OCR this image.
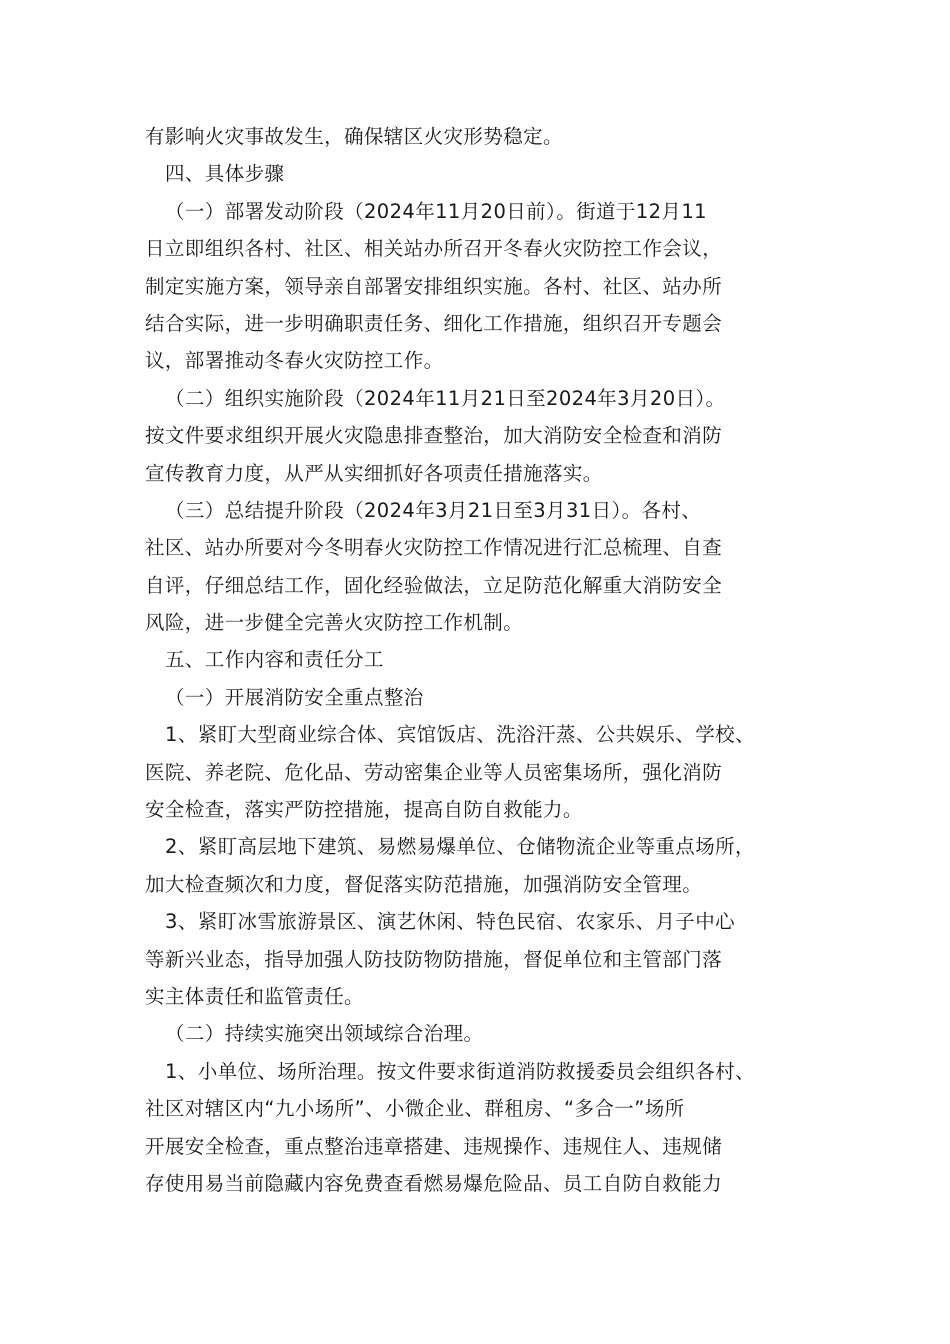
有影响火灾事故发生，确保辖区火灾形势稳定。
四、具体步骤
（一）部署发动阶段（2024年11月20日前）。街道于12月11
日立即组织各村、社区、相关站办所召开冬春火灾防控工作会议，
制定实施方案，领导亲自部署安排组织实施。各村、社区、站办所
结合实际，进一步明确职责任务、细化工作措施，组织召开专题会
议，部署推动冬春火灾防控工作。
（二）组织实施阶段（2024年11月21日至2024年3月20日）。
按文件要求组织开展火灾隐患排查整治，加大消防安全检查和消防
宣传教育力度，从严从实细抓好各项责任措施落实。
（三）总结提升阶段（2024年3月21日至3月31日）。各村、
社区、站办所要对今冬明春火灾防控工作情况进行汇总梳理、自查
自评，仔细总结工作，固化经验做法，立足防范化解重大消防安全
风险，进一步健全完善火灾防控工作机制。
五、工作内容和责任分工
（一）开展消防安全重点整治
1、紧盯大型商业综合体、宾馆饭店、洗浴汗蒸、公共娱乐、学校、
医院、养老院、危化品、劳动密集企业等人员密集场所，强化消防
安全检查，落实严防控措施，提高自防自救能力。
2、紧盯高层地下建筑、易燃易爆单位、仓储物流企业等重点场所，
加大检查频次和力度，督促落实防范措施，加强消防安全管理。
3、紧盯冰雪旅游景区、演艺休闲、特色民宿、农家乐、月子中心
等新兴业态，指导加强人防技防物防措施，督促单位和主管部门落
实主体责任和监管责任。
（二）持续实施突出领域综合治理。
1、小单位、场所治理。按文件要求街道消防救援委员会组织各村、
社区对辖区内“九小场所”、小微企业、群租房、“多合一”场所
开展安全检查，重点整治违章搭建、违规操作、违规住人、违规储
存使用易当前隐藏内容免费查看燃易爆危险品、员工自防自救能力
